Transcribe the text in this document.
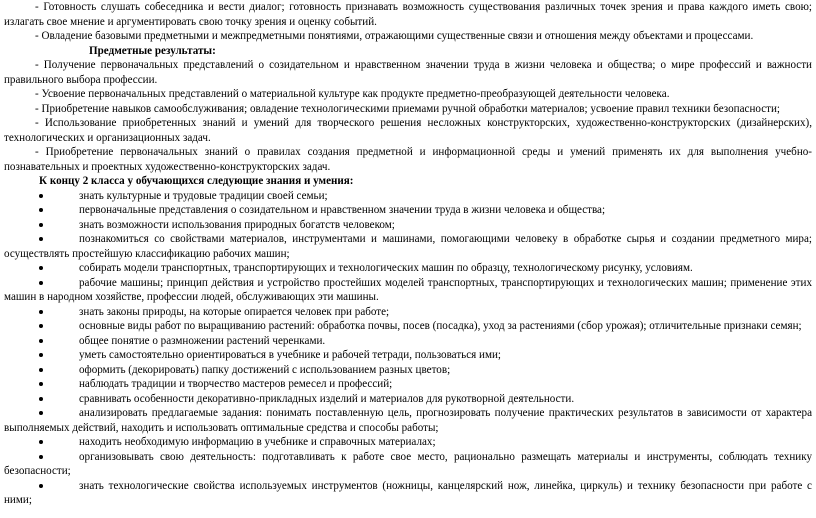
- Готовность слушать собеседника и вести диалог; готовность признавать возможность существования различных точек зрения и права каждого иметь свою; излагать свое мнение и аргументировать свою точку зрения и оценку событий.

- Овладение базовыми предметными и межпредметными понятиями, отражающими существенные связи и отношения между объектами и процессами.

Предметные результаты:

- Получение первоначальных представлений о созидательном и нравственном значении труда в жизни человека и общества; о мире профессий и важности правильного выбора профессии.

- Усвоение первоначальных представлений о материальной культуре как продукте предметно-преобразующей деятельности человека.

- Приобретение навыков самообслуживания; овладение технологическими приемами ручной обработки материалов; усвоение правил техники безопасности;

- Использование приобретенных знаний и умений для творческого решения несложных конструкторских, художественно-конструкторских (дизайнерских), технологических и организационных задач.

- Приобретение первоначальных знаний о правилах создания предметной и информационной среды и умений применять их для выполнения учебно-познавательных и проектных художественно-конструкторских задач.

К концу 2 класса у обучающихся следующие знания и умения:

знать культурные и трудовые традиции своей семьи;

первоначальные представления о созидательном и нравственном значении труда в жизни человека и общества;

знать возможности использования природных богатств человеком;

познакомиться со свойствами материалов, инструментами и машинами, помогающими человеку в обработке сырья и создании предметного мира; осуществлять простейшую классификацию рабочих машин;

собирать модели транспортных, транспортирующих и технологических машин по образцу, технологическому рисунку, условиям.

рабочие машины; принцип действия и устройство простейших моделей транспортных, транспортирующих и технологических машин; применение этих машин в народном хозяйстве, профессии людей, обслуживающих эти машины.

знать законы природы, на которые опирается человек при работе;

основные виды работ по выращиванию растений: обработка почвы, посев (посадка), уход за растениями (сбор урожая); отличительные признаки семян;

общее понятие о размножении растений черенками.

уметь самостоятельно ориентироваться в учебнике и рабочей тетради, пользоваться ими;

оформить (декорировать) папку достижений с использованием разных цветов;

наблюдать традиции и творчество мастеров ремесел и профессий;

сравнивать особенности декоративно-прикладных изделий и материалов для рукотворной деятельности.

анализировать предлагаемые задания: понимать поставленную цель, прогнозировать получение практических результатов в зависимости от характера выполняемых действий, находить и использовать оптимальные средства и способы работы;

находить необходимую информацию в учебнике и справочных материалах;

организовывать свою деятельность: подготавливать к работе свое место, рационально размещать материалы и инструменты, соблюдать технику безопасности;

знать технологические свойства используемых инструментов (ножницы, канцелярский нож, линейка, циркуль) и технику безопасности при работе с ними;
